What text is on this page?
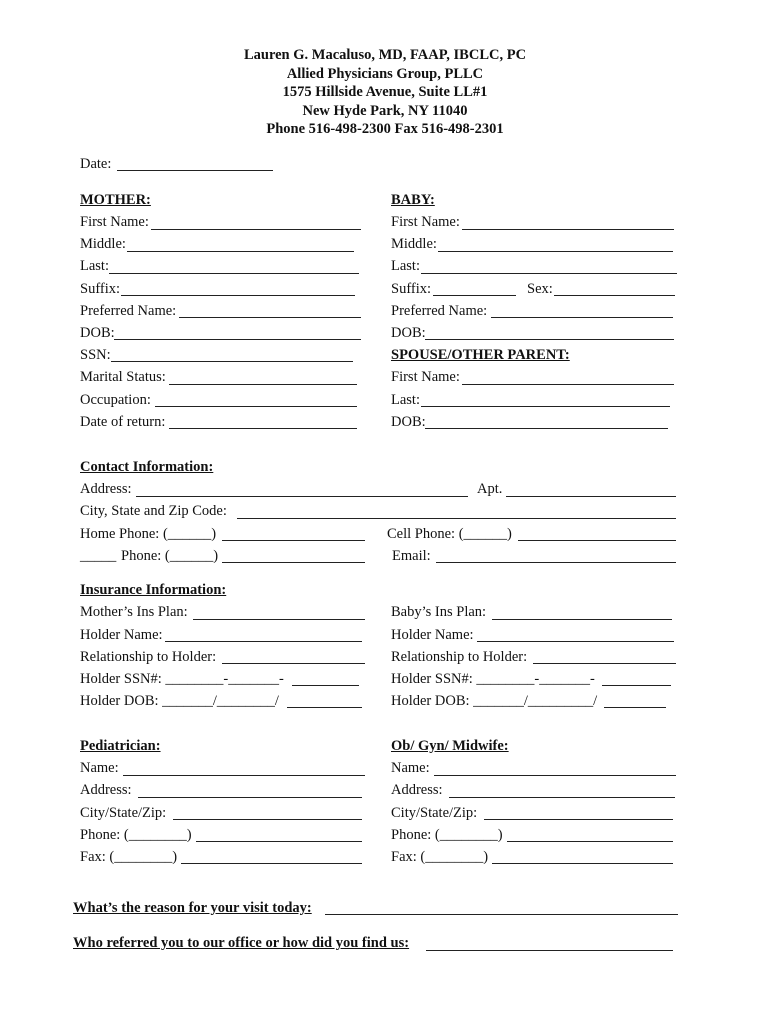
Lauren G. Macaluso, MD, FAAP, IBCLC, PC
Allied Physicians Group, PLLC
1575 Hillside Avenue, Suite LL#1
New Hyde Park, NY 11040
Phone 516-498-2300 Fax 516-498-2301
Date:
MOTHER:
First Name:
Middle:
Last:
Suffix:
Preferred Name:
DOB:
SSN:
Marital Status:
Occupation:
Date of return:
BABY:
First Name:
Middle:
Last:
Suffix:	Sex:
Preferred Name:
DOB:
SPOUSE/OTHER PARENT:
First Name:
Last:
DOB:
Contact Information:
Address:	Apt.
City, State and Zip Code:
Home Phone: (______)	Cell Phone: (______)
_____ Phone: (______)	Email:
Insurance Information:
Mother’s Ins Plan:	Baby’s Ins Plan:
Holder Name:	Holder Name:
Relationship to Holder:	Relationship to Holder:
Holder SSN#: ________-_______-	Holder SSN#: ________-_______-
Holder DOB: _______/________/	Holder DOB: _______/_________/
Pediatrician:
Name:
Address:
City/State/Zip:
Phone: (________)
Fax: (________)
Ob/ Gyn/ Midwife:
Name:
Address:
City/State/Zip:
Phone: (________)
Fax: (________)
What’s the reason for your visit today:
Who referred you to our office or how did you find us:
